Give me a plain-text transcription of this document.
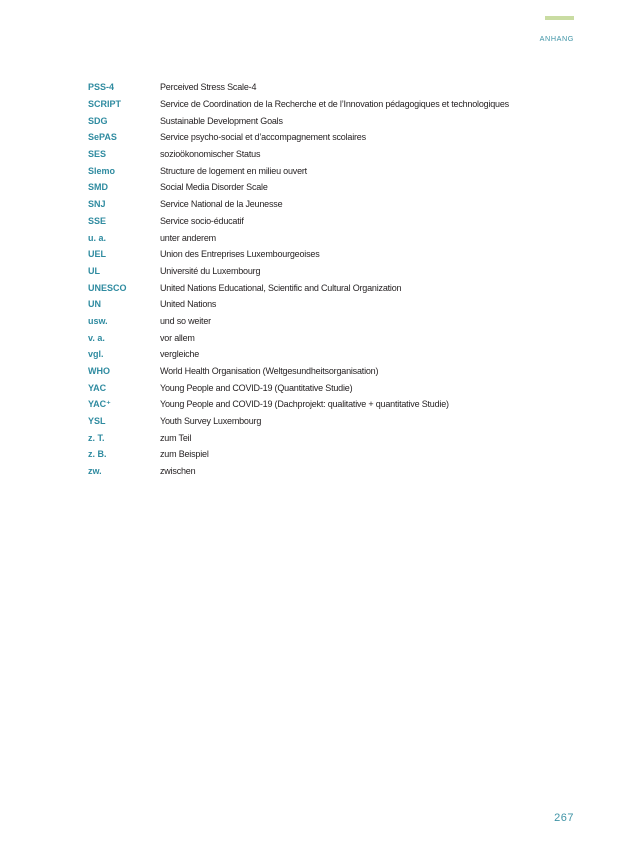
ANHANG
PSS-4	Perceived Stress Scale-4
SCRIPT	Service de Coordination de la Recherche et de l’Innovation pédagogiques et technologiques
SDG	Sustainable Development Goals
SePAS	Service psycho-social et d’accompagnement scolaires
SES	sozioökonomischer Status
Slemo	Structure de logement en milieu ouvert
SMD	Social Media Disorder Scale
SNJ	Service National de la Jeunesse
SSE	Service socio-éducatif
u. a.	unter anderem
UEL	Union des Entreprises Luxembourgeoises
UL	Université du Luxembourg
UNESCO	United Nations Educational, Scientific and Cultural Organization
UN	United Nations
usw.	und so weiter
v. a.	vor allem
vgl.	vergleiche
WHO	World Health Organisation (Weltgesundheitsorganisation)
YAC	Young People and COVID-19 (Quantitative Studie)
YAC⁺	Young People and COVID-19 (Dachprojekt: qualitative + quantitative Studie)
YSL	Youth Survey Luxembourg
z. T.	zum Teil
z. B.	zum Beispiel
zw.	zwischen
267
